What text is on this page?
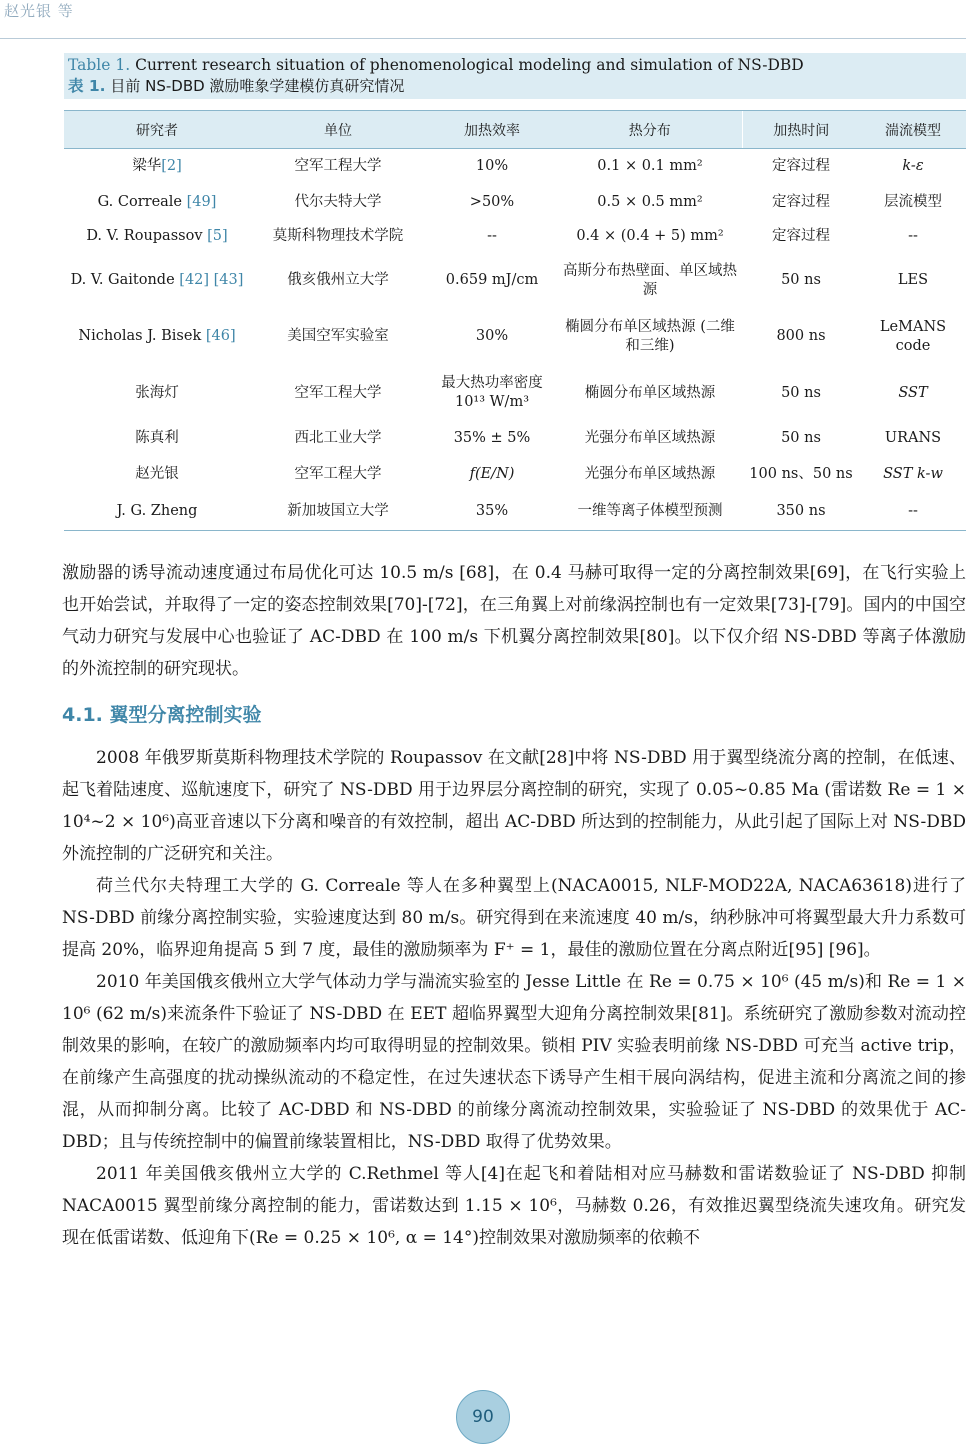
赵光银 等
Table 1. Current research situation of phenomenological modeling and simulation of NS-DBD
表 1. 目前 NS-DBD 激励唯象学建模仿真研究情况
研究者	单位	加热效率	热分布	加热时间	湍流模型
梁华[2]	空军工程大学	10%	0.1 × 0.1 mm²	定容过程	k-ε
G. Correale [49]	代尔夫特大学	>50%	0.5 × 0.5 mm²	定容过程	层流模型
D. V. Roupassov [5]	莫斯科物理技术学院	--	0.4 × (0.4 + 5) mm²	定容过程	--
D. V. Gaitonde [42] [43]	俄亥俄州立大学	0.659 mJ/cm	高斯分布热壁面、单区域热源	50 ns	LES
Nicholas J. Bisek [46]	美国空军实验室	30%	椭圆分布单区域热源 (二维和三维)	800 ns	LeMANS code
张海灯	空军工程大学	最大热功率密度 10¹³ W/m³	椭圆分布单区域热源	50 ns	SST
陈真利	西北工业大学	35% ± 5%	光强分布单区域热源	50 ns	URANS
赵光银	空军工程大学	f(E/N)	光强分布单区域热源	100 ns、50 ns	SST k-w
J. G. Zheng	新加坡国立大学	35%	一维等离子体模型预测	350 ns	--

激励器的诱导流动速度通过布局优化可达 10.5 m/s [68]，在 0.4 马赫可取得一定的分离控制效果[69]，在飞行实验上也开始尝试，并取得了一定的姿态控制效果[70]-[72]，在三角翼上对前缘涡控制也有一定效果[73]-[79]。国内的中国空气动力研究与发展中心也验证了 AC-DBD 在 100 m/s 下机翼分离控制效果[80]。以下仅介绍 NS-DBD 等离子体激励的外流控制的研究现状。

4.1. 翼型分离控制实验

2008 年俄罗斯莫斯科物理技术学院的 Roupassov 在文献[28]中将 NS-DBD 用于翼型绕流分离的控制，在低速、起飞着陆速度、巡航速度下，研究了 NS-DBD 用于边界层分离控制的研究，实现了 0.05~0.85 Ma (雷诺数 Re = 1 × 10⁴~2 × 10⁶)高亚音速以下分离和噪音的有效控制，超出 AC-DBD 所达到的控制能力，从此引起了国际上对 NS-DBD 外流控制的广泛研究和关注。

荷兰代尔夫特理工大学的 G. Correale 等人在多种翼型上(NACA0015, NLF-MOD22A, NACA63618)进行了 NS-DBD 前缘分离控制实验，实验速度达到 80 m/s。研究得到在来流速度 40 m/s，纳秒脉冲可将翼型最大升力系数可提高 20%，临界迎角提高 5 到 7 度，最佳的激励频率为 F⁺ = 1，最佳的激励位置在分离点附近[95] [96]。

2010 年美国俄亥俄州立大学气体动力学与湍流实验室的 Jesse Little 在 Re = 0.75 × 10⁶ (45 m/s)和 Re = 1 × 10⁶ (62 m/s)来流条件下验证了 NS-DBD 在 EET 超临界翼型大迎角分离控制效果[81]。系统研究了激励参数对流动控制效果的影响，在较广的激励频率内均可取得明显的控制效果。锁相 PIV 实验表明前缘 NS-DBD 可充当 active trip，在前缘产生高强度的扰动操纵流动的不稳定性，在过失速状态下诱导产生相干展向涡结构，促进主流和分离流之间的掺混，从而抑制分离。比较了 AC-DBD 和 NS-DBD 的前缘分离流动控制效果，实验验证了 NS-DBD 的效果优于 AC-DBD；且与传统控制中的偏置前缘装置相比，NS-DBD 取得了优势效果。

2011 年美国俄亥俄州立大学的 C.Rethmel 等人[4]在起飞和着陆相对应马赫数和雷诺数验证了 NS-DBD 抑制 NACA0015 翼型前缘分离控制的能力，雷诺数达到 1.15 × 10⁶，马赫数 0.26，有效推迟翼型绕流失速攻角。研究发现在低雷诺数、低迎角下(Re = 0.25 × 10⁶, α = 14°)控制效果对激励频率的依赖不

90
